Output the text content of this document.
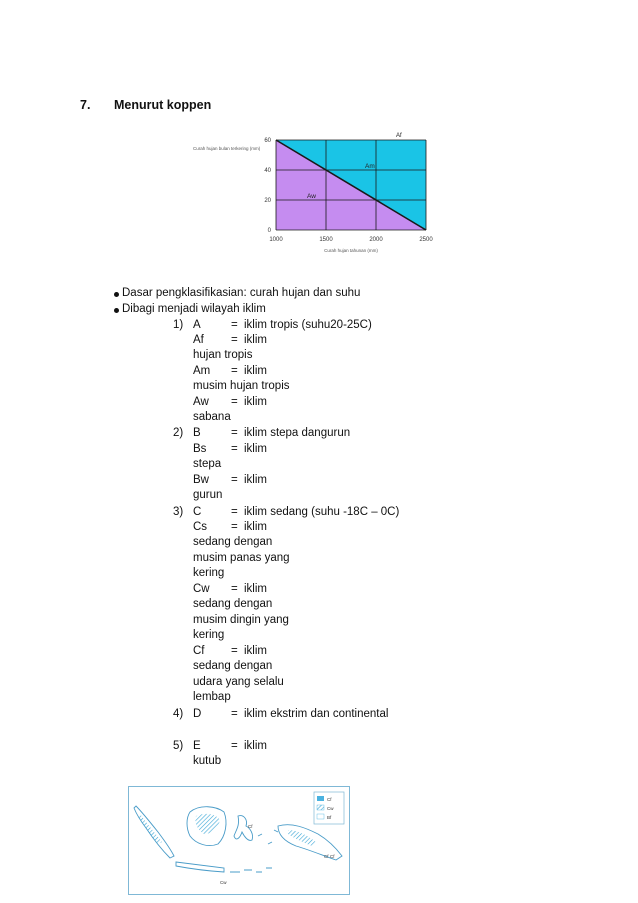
7. Menurut koppen
Curah hujan bulan terkering (mm)
Af
Am
Aw
0
20
40
60
1000	1500	2000	2500
Curah hujan tahunan (mm)
Dasar pengklasifikasian: curah hujan dan suhu
Dibagi menjadi wilayah iklim
1) A	= iklim tropis (suhu20-25C)
Af = iklim
hujan tropis
Am = iklim
musim hujan tropis
Aw = iklim
sabana
2) B	= iklim stepa dangurun
Bs = iklim
stepa
Bw = iklim
gurun
3) C	= iklim sedang (suhu -18C – 0C)
Cs = iklim
sedang dengan
musim panas yang
kering
Cw = iklim
sedang dengan
musim dingin yang
kering
Cf = iklim
sedang dengan
udara yang selalu
lembap
4) D	= iklim ekstrim dan continental
5) E	= iklim
kutub
Cf
Cw
Bf
Cf
Cf Cf
Cw
